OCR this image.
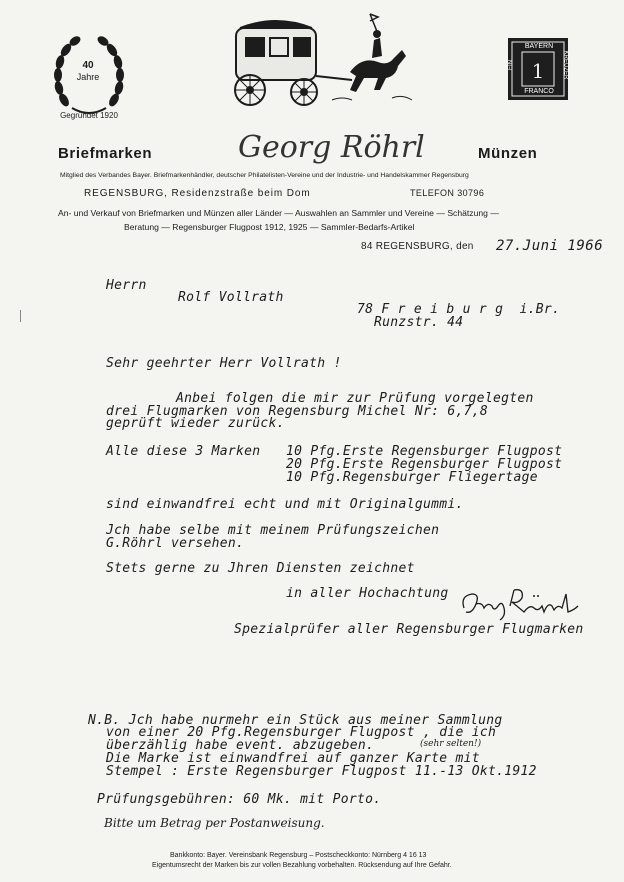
40
Jahre
Gegründet 1920
1
BAYERN
FRANCO
EIN	KREUZER
Briefmarken	Georg Röhrl	Münzen
Mitglied des Verbandes Bayer. Briefmarkenhändler, deutscher Philatelisten-Vereine und der Industrie- und Handelskammer Regensburg
REGENSBURG, Residenzstraße beim Dom	TELEFON 30796
An- und Verkauf von Briefmarken und Münzen aller Länder — Auswahlen an Sammler und Vereine — Schätzung —
Beratung — Regensburger Flugpost 1912, 1925 — Sammler-Bedarfs-Artikel
84 REGENSBURG, den 27.Juni 1966
Herrn
Rolf Vollrath
78 F r e i b u r g  i.Br.
Runzstr. 44
Sehr geehrter Herr Vollrath !
Anbei folgen die mir zur Prüfung vorgelegten
drei Flugmarken von Regensburg Michel Nr: 6,7,8
geprüft wieder zurück.
Alle diese 3 Marken 10 Pfg.Erste Regensburger Flugpost
20 Pfg.Erste Regensburger Flugpost
10 Pfg.Regensburger Fliegertage
sind einwandfrei echt und mit Originalgummi.
Jch habe selbe mit meinem Prüfungszeichen
G.Röhrl versehen.
Stets gerne zu Jhren Diensten zeichnet
in aller Hochachtung
Spezialprüfer aller Regensburger Flugmarken
N.B. Jch habe nurmehr ein Stück aus meiner Sammlung
von einer 20 Pfg.Regensburger Flugpost , die ich
überzählig habe event. abzugeben.	(sehr selten!)
Die Marke ist einwandfrei auf ganzer Karte mit
Stempel : Erste Regensburger Flugpost 11.-13 Okt.1912
Prüfungsgebühren: 60 Mk. mit Porto.
Bitte um Betrag per Postanweisung.
Bankkonto: Bayer. Vereinsbank Regensburg – Postscheckkonto: Nürnberg 4 16 13
Eigentumsrecht der Marken bis zur vollen Bezahlung vorbehalten. Rücksendung auf Ihre Gefahr.
